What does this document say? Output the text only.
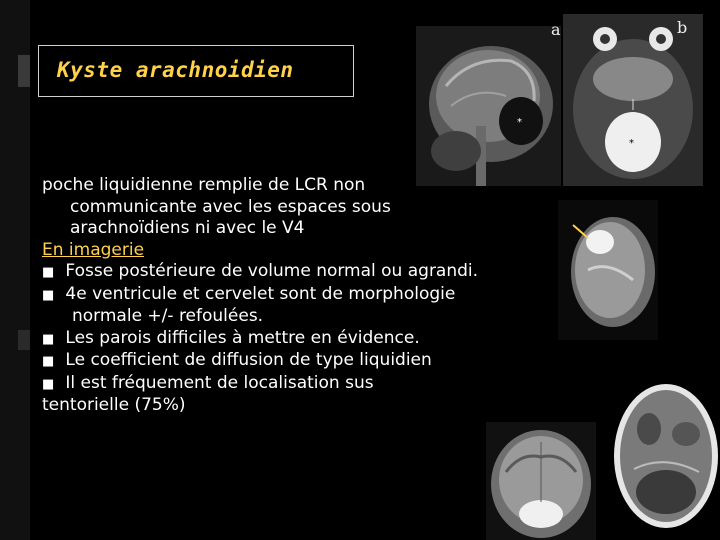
Kyste arachnoidien
*
*
a	b
poche liquidienne remplie de LCR non
communicante avec les espaces sous
arachnoïdiens ni avec le V4
En imagerie
■ Fosse postérieure de volume normal ou agrandi.
■ 4e ventricule et cervelet sont de morphologie
normale +/- refoulées.
■ Les parois difficiles à mettre en évidence.
■ Le coefficient de diffusion de type liquidien
■ Il est fréquement de localisation sus
tentorielle (75%)
